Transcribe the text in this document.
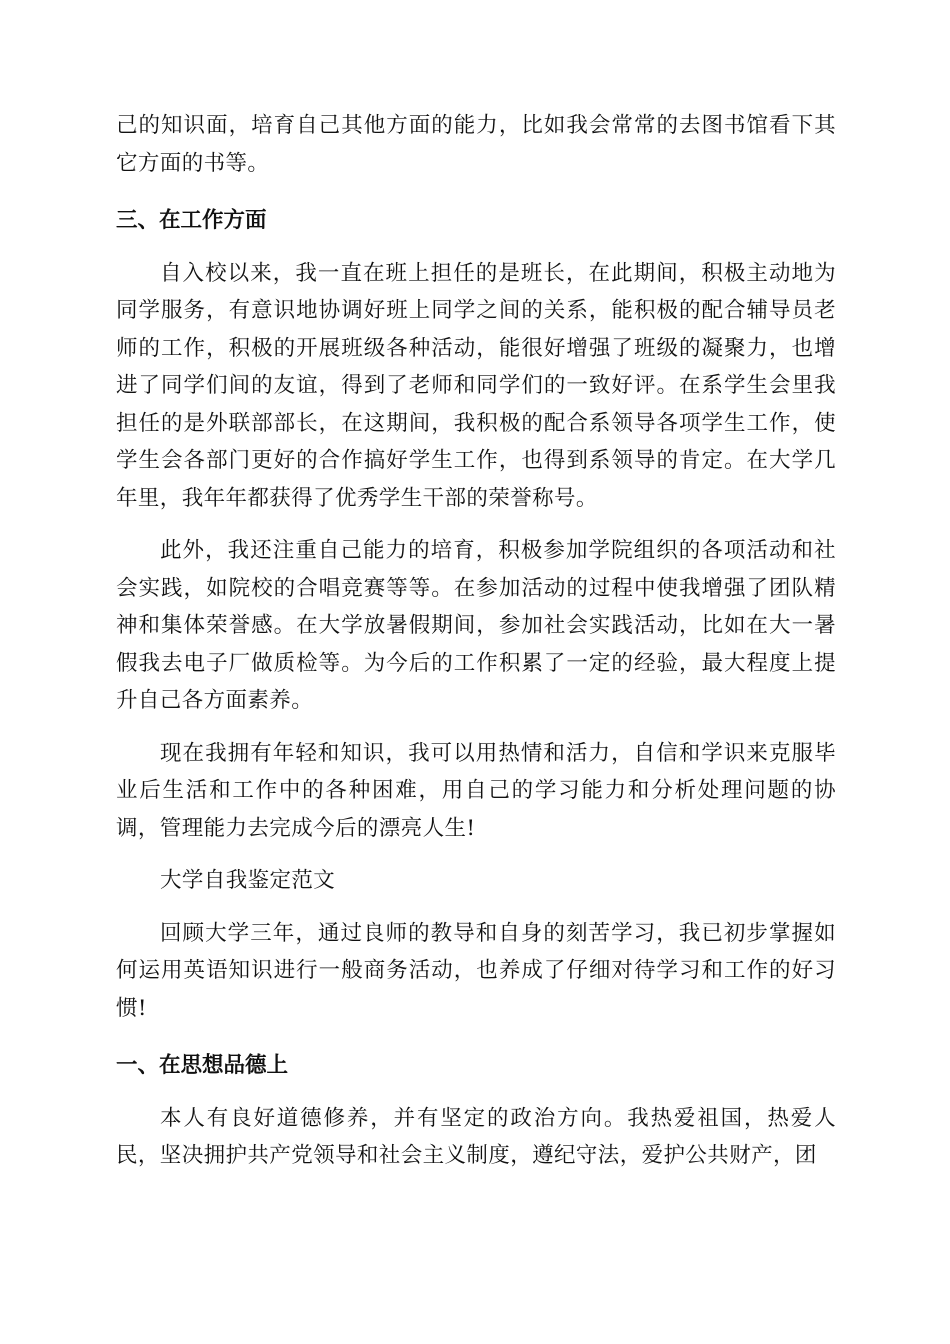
己的知识面，培育自己其他方面的能力，比如我会常常的去图书馆看下其它方面的书等。

三、在工作方面

自入校以来，我一直在班上担任的是班长，在此期间，积极主动地为同学服务，有意识地协调好班上同学之间的关系，能积极的配合辅导员老师的工作，积极的开展班级各种活动，能很好增强了班级的凝聚力，也增进了同学们间的友谊，得到了老师和同学们的一致好评。在系学生会里我担任的是外联部部长，在这期间，我积极的配合系领导各项学生工作，使学生会各部门更好的合作搞好学生工作，也得到系领导的肯定。在大学几年里，我年年都获得了优秀学生干部的荣誉称号。

此外，我还注重自己能力的培育，积极参加学院组织的各项活动和社会实践，如院校的合唱竞赛等等。在参加活动的过程中使我增强了团队精神和集体荣誉感。在大学放暑假期间，参加社会实践活动，比如在大一暑假我去电子厂做质检等。为今后的工作积累了一定的经验，最大程度上提升自己各方面素养。

现在我拥有年轻和知识，我可以用热情和活力，自信和学识来克服毕业后生活和工作中的各种困难，用自己的学习能力和分析处理问题的协调，管理能力去完成今后的漂亮人生!

大学自我鉴定范文

回顾大学三年，通过良师的教导和自身的刻苦学习，我已初步掌握如何运用英语知识进行一般商务活动，也养成了仔细对待学习和工作的好习惯!

一、在思想品德上

本人有良好道德修养，并有坚定的政治方向。我热爱祖国，热爱人民，坚决拥护共产党领导和社会主义制度，遵纪守法，爱护公共财产，团
